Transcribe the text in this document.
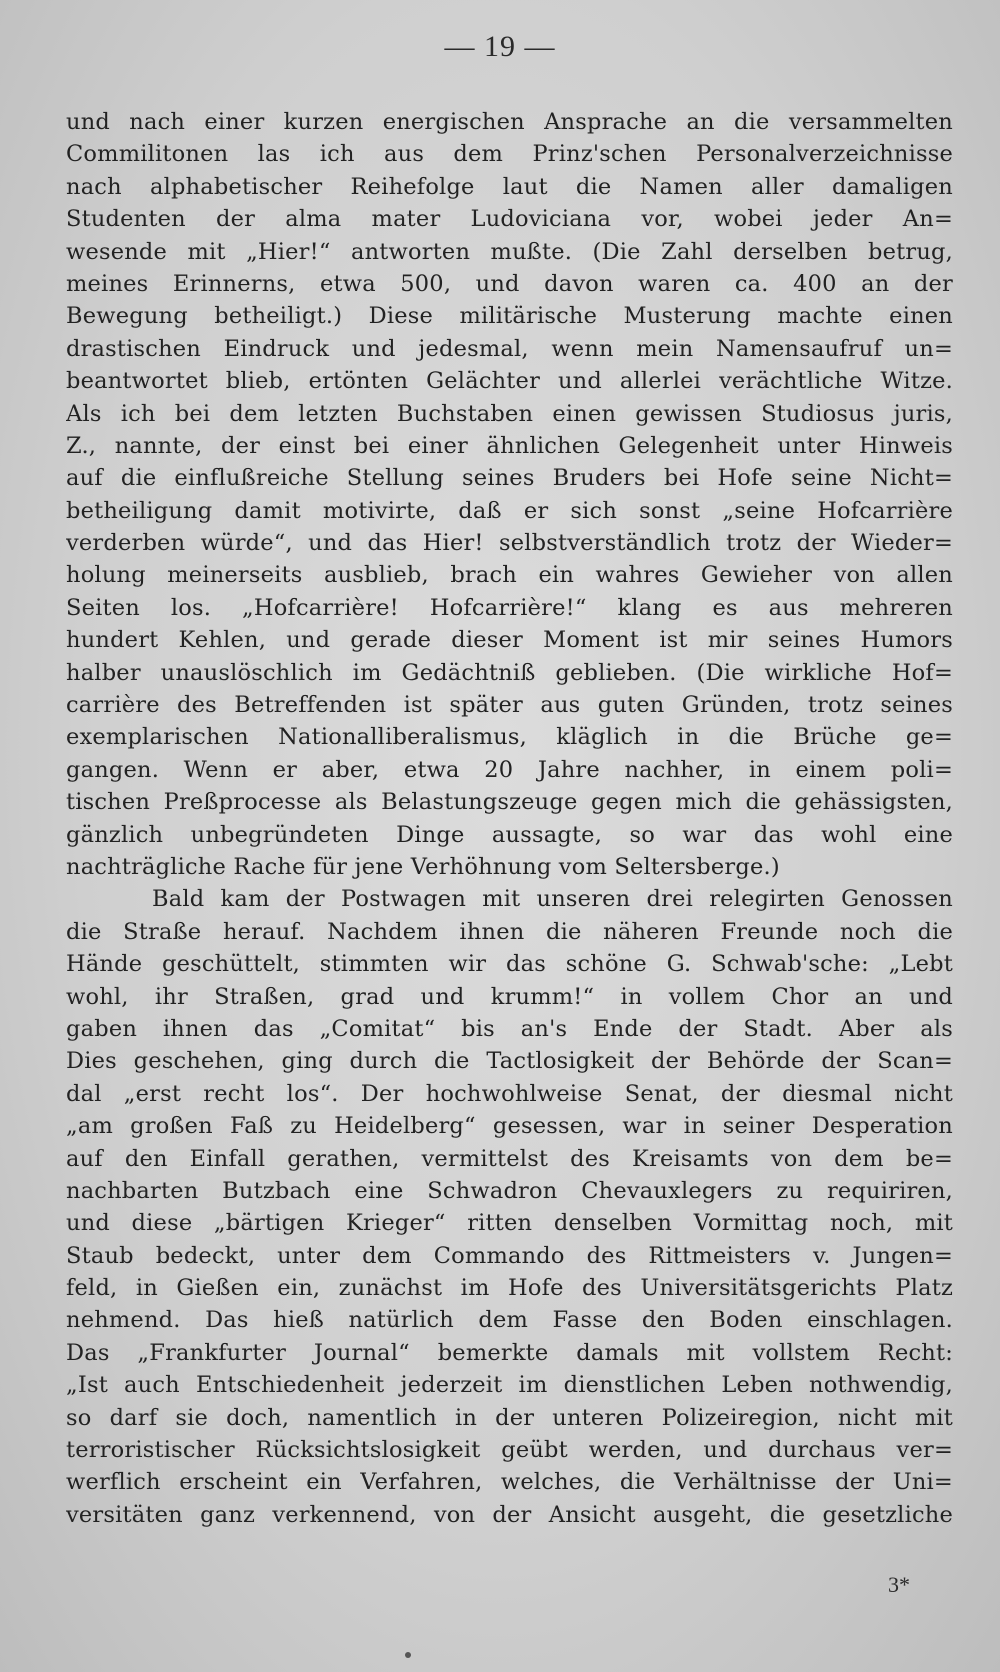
— 19 —
und nach einer kurzen energischen Ansprache an die versammelten
Commilitonen las ich aus dem Prinz'schen Personalverzeichnisse
nach alphabetischer Reihefolge laut die Namen aller damaligen
Studenten der alma mater Ludoviciana vor, wobei jeder An=
wesende mit „Hier!“ antworten mußte. (Die Zahl derselben betrug,
meines Erinnerns, etwa 500, und davon waren ca. 400 an der
Bewegung betheiligt.) Diese militärische Musterung machte einen
drastischen Eindruck und jedesmal, wenn mein Namensaufruf un=
beantwortet blieb, ertönten Gelächter und allerlei verächtliche Witze.
Als ich bei dem letzten Buchstaben einen gewissen Studiosus juris,
Z., nannte, der einst bei einer ähnlichen Gelegenheit unter Hinweis
auf die einflußreiche Stellung seines Bruders bei Hofe seine Nicht=
betheiligung damit motivirte, daß er sich sonst „seine Hofcarrière
verderben würde“, und das Hier! selbstverständlich trotz der Wieder=
holung meinerseits ausblieb, brach ein wahres Gewieher von allen
Seiten los. „Hofcarrière! Hofcarrière!“ klang es aus mehreren
hundert Kehlen, und gerade dieser Moment ist mir seines Humors
halber unauslöschlich im Gedächtniß geblieben. (Die wirkliche Hof=
carrière des Betreffenden ist später aus guten Gründen, trotz seines
exemplarischen Nationalliberalismus, kläglich in die Brüche ge=
gangen. Wenn er aber, etwa 20 Jahre nachher, in einem poli=
tischen Preßprocesse als Belastungszeuge gegen mich die gehässigsten,
gänzlich unbegründeten Dinge aussagte, so war das wohl eine
nachträgliche Rache für jene Verhöhnung vom Seltersberge.)
Bald kam der Postwagen mit unseren drei relegirten Genossen
die Straße herauf. Nachdem ihnen die näheren Freunde noch die
Hände geschüttelt, stimmten wir das schöne G. Schwab'sche: „Lebt
wohl, ihr Straßen, grad und krumm!“ in vollem Chor an und
gaben ihnen das „Comitat“ bis an's Ende der Stadt. Aber als
Dies geschehen, ging durch die Tactlosigkeit der Behörde der Scan=
dal „erst recht los“. Der hochwohlweise Senat, der diesmal nicht
„am großen Faß zu Heidelberg“ gesessen, war in seiner Desperation
auf den Einfall gerathen, vermittelst des Kreisamts von dem be=
nachbarten Butzbach eine Schwadron Chevauxlegers zu requiriren,
und diese „bärtigen Krieger“ ritten denselben Vormittag noch, mit
Staub bedeckt, unter dem Commando des Rittmeisters v. Jungen=
feld, in Gießen ein, zunächst im Hofe des Universitätsgerichts Platz
nehmend. Das hieß natürlich dem Fasse den Boden einschlagen.
Das „Frankfurter Journal“ bemerkte damals mit vollstem Recht:
„Ist auch Entschiedenheit jederzeit im dienstlichen Leben nothwendig,
so darf sie doch, namentlich in der unteren Polizeiregion, nicht mit
terroristischer Rücksichtslosigkeit geübt werden, und durchaus ver=
werflich erscheint ein Verfahren, welches, die Verhältnisse der Uni=
versitäten ganz verkennend, von der Ansicht ausgeht, die gesetzliche
3*
